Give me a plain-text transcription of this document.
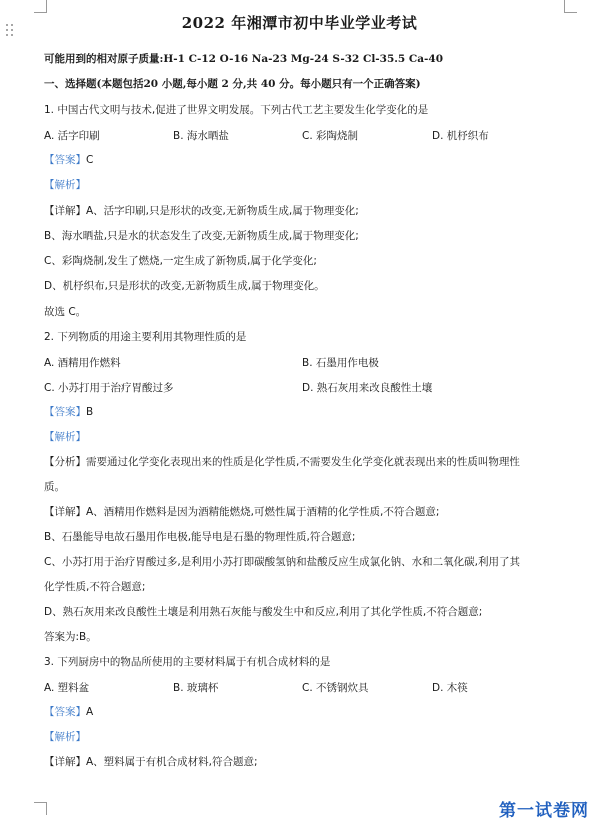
2022 年湘潭市初中毕业学业考试
可能用到的相对原子质量:H-1 C-12 O-16 Na-23 Mg-24 S-32 Cl-35.5 Ca-40
一、选择题(本题包括20 小题,每小题 2 分,共 40 分。每小题只有一个正确答案)
1. 中国古代文明与技术,促进了世界文明发展。下列古代工艺主要发生化学变化的是
A. 活字印刷	B. 海水晒盐	C. 彩陶烧制	D. 机杼织布
【答案】C
【解析】
【详解】A、活字印刷,只是形状的改变,无新物质生成,属于物理变化;
B、海水晒盐,只是水的状态发生了改变,无新物质生成,属于物理变化;
C、彩陶烧制,发生了燃烧,一定生成了新物质,属于化学变化;
D、机杼织布,只是形状的改变,无新物质生成,属于物理变化。
故选 C。
2. 下列物质的用途主要利用其物理性质的是
A. 酒精用作燃料	B. 石墨用作电极
C. 小苏打用于治疗胃酸过多	D. 熟石灰用来改良酸性土壤
【答案】B
【解析】
【分析】需要通过化学变化表现出来的性质是化学性质,不需要发生化学变化就表现出来的性质叫物理性
质。
【详解】A、酒精用作燃料是因为酒精能燃烧,可燃性属于酒精的化学性质,不符合题意;
B、石墨能导电故石墨用作电极,能导电是石墨的物理性质,符合题意;
C、小苏打用于治疗胃酸过多,是利用小苏打即碳酸氢钠和盐酸反应生成氯化钠、水和二氧化碳,利用了其
化学性质,不符合题意;
D、熟石灰用来改良酸性土壤是利用熟石灰能与酸发生中和反应,利用了其化学性质,不符合题意;
答案为:B。
3. 下列厨房中的物品所使用的主要材料属于有机合成材料的是
A. 塑料盆	B. 玻璃杯	C. 不锈钢炊具	D. 木筷
【答案】A
【解析】
【详解】A、塑料属于有机合成材料,符合题意;
第一试卷网
